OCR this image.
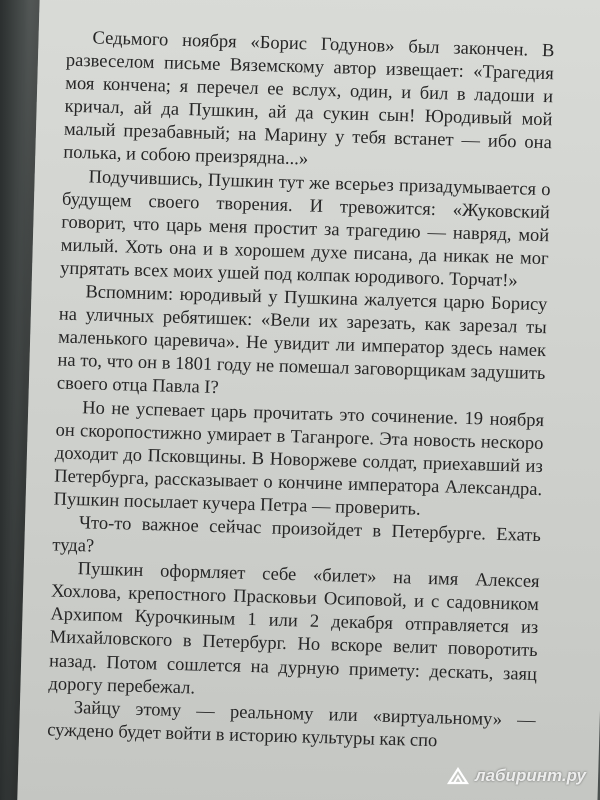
Седьмого ноября «Борис Годунов» был закончен. В развеселом письме Вяземскому автор извещает: «Трагедия моя кончена; я перечел ее вслух, один, и бил в ладоши и кричал, ай да Пушкин, ай да сукин сын! Юродивый мой малый презабавный; на Марину у тебя встанет — ибо она полька, и собою преизрядна...»

Подучившись, Пушкин тут же всерьез призадумывается о будущем своего творения. И тревожится: «Жуковский говорит, что царь меня простит за трагедию — навряд, мой милый. Хоть она и в хорошем духе писана, да никак не мог упрятать всех моих ушей под колпак юродивого. Торчат!»

Вспомним: юродивый у Пушкина жалуется царю Борису на уличных ребятишек: «Вели их зарезать, как зарезал ты маленького царевича». Не увидит ли император здесь намек на то, что он в 1801 году не помешал заговорщикам задушить своего отца Павла I?

Но не успевает царь прочитать это сочинение. 19 ноября он скоропостижно умирает в Таганроге. Эта новость нескоро доходит до Псковщины. В Новоржеве солдат, приехавший из Петербурга, рассказывает о кончине императора Александра. Пушкин посылает кучера Петра — проверить.

Что-то важное сейчас произойдет в Петербурге. Ехать туда?

Пушкин оформляет себе «билет» на имя Алексея Хохлова, крепостного Прасковьи Осиповой, и с садовником Архипом Курочкиным 1 или 2 декабря отправляется из Михайловского в Петербург. Но вскоре велит поворотить назад. Потом сошлется на дурную примету: дескать, заяц дорогу перебежал.

Зайцу этому — реальному или «виртуальному» — суждено будет войти в историю культуры как спо

лабиринт.ру
